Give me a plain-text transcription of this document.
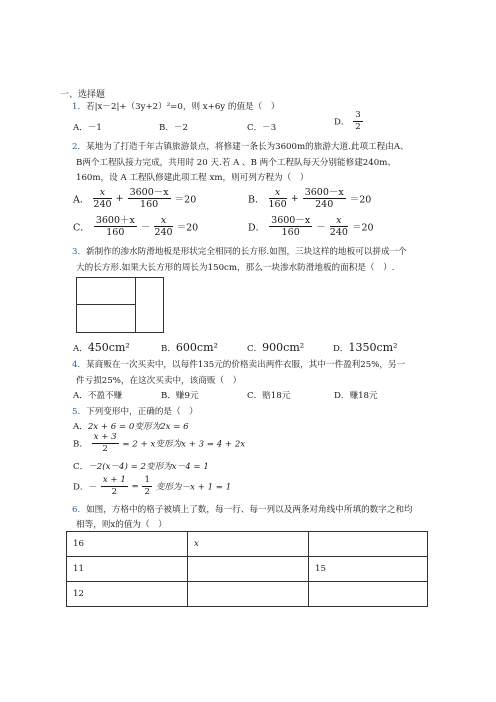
一、选择题
1．若|x－2|+（3y+2）²=0，则 x+6y 的值是（　）
A．－1	B．－2	C．－3
D． $\frac{3}{2}$
2．某地为了打造千年古镇旅游景点，将修建一条长为3600m的旅游大道.此项工程由A、
B两个工程队接力完成，共用时 20 天.若 A 、B 两个工程队每天分别能修建240m、
160m，设 A 工程队修建此项工程 xm，则可列方程为（　）
A． $\frac{x}{240} + \frac{3600-x}{160} =20$	B． $\frac{x}{160} + \frac{3600-x}{240} =20$
C． $\frac{3600+x}{160} - \frac{x}{240} =20$	D． $\frac{3600-x}{160} - \frac{x}{240} =20$
3．新制作的渗水防滑地板是形状完全相同的长方形.如图，三块这样的地板可以拼成一个
大的长方形.如果大长方形的周长为150cm，那么一块渗水防滑地板的面积是（　）.
A．450cm²	B．600cm²	C．900cm²	D．1350cm²
4．某商贩在一次买卖中，以每件135元的价格卖出两件衣服，其中一件盈利25%，另一
件亏损25%，在这次买卖中，该商贩（　）
A．不盈不赚	B．赚9元	C．赔18元	D．赚18元
5．下列变形中，正确的是（　）
A．2x + 6 = 0变形为2x = 6
B． $\frac{x + 3}{2} = 2 + x$变形为x + 3 = 4 + 2x
C．－2(x－4) = 2变形为x－4 = 1
D．－ $\frac{x + 1}{2} = \frac{1}{2}$ 变形为－x + 1 = 1
6．如图，方格中的格子被填上了数，每一行、每一列以及两条对角线中所填的数字之和均
相等，则x的值为（　）
16	x	
11		15
12		
